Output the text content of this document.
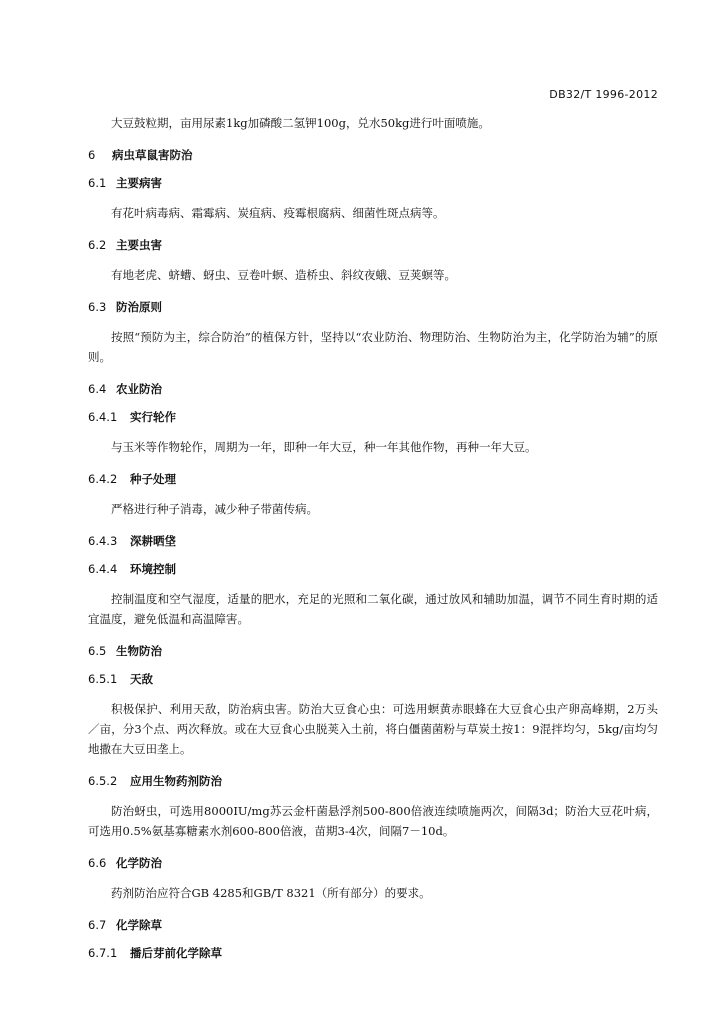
DB32/T 1996-2012

大豆鼓粒期，亩用尿素1kg加磷酸二氢钾100g，兑水50kg进行叶面喷施。

6 病虫草鼠害防治
6.1 主要病害

有花叶病毒病、霜霉病、炭疽病、疫霉根腐病、细菌性斑点病等。

6.2 主要虫害

有地老虎、蛴螬、蚜虫、豆卷叶螟、造桥虫、斜纹夜蛾、豆荚螟等。

6.3 防治原则

按照“预防为主，综合防治”的植保方针，坚持以“农业防治、物理防治、生物防治为主，化学防治为辅”的原则。

6.4 农业防治
6.4.1 实行轮作

与玉米等作物轮作，周期为一年，即种一年大豆，种一年其他作物，再种一年大豆。

6.4.2 种子处理

严格进行种子消毒，减少种子带菌传病。

6.4.3 深耕晒垡
6.4.4 环境控制

控制温度和空气湿度，适量的肥水，充足的光照和二氧化碳，通过放风和辅助加温，调节不同生育时期的适宜温度，避免低温和高温障害。

6.5 生物防治
6.5.1 天敌

积极保护、利用天敌，防治病虫害。防治大豆食心虫：可选用螟黄赤眼蜂在大豆食心虫产卵高峰期，2万头／亩，分3个点、两次释放。或在大豆食心虫脱荚入土前，将白僵菌菌粉与草炭土按1：9混拌均匀，5kg/亩均匀地撒在大豆田垄上。

6.5.2 应用生物药剂防治

防治蚜虫，可选用8000IU/mg苏云金杆菌悬浮剂500-800倍液连续喷施两次，间隔3d；防治大豆花叶病，可选用0.5%氨基寡糖素水剂600-800倍液，苗期3-4次，间隔7－10d。

6.6 化学防治

药剂防治应符合GB 4285和GB/T 8321（所有部分）的要求。

6.7 化学除草
6.7.1 播后芽前化学除草
